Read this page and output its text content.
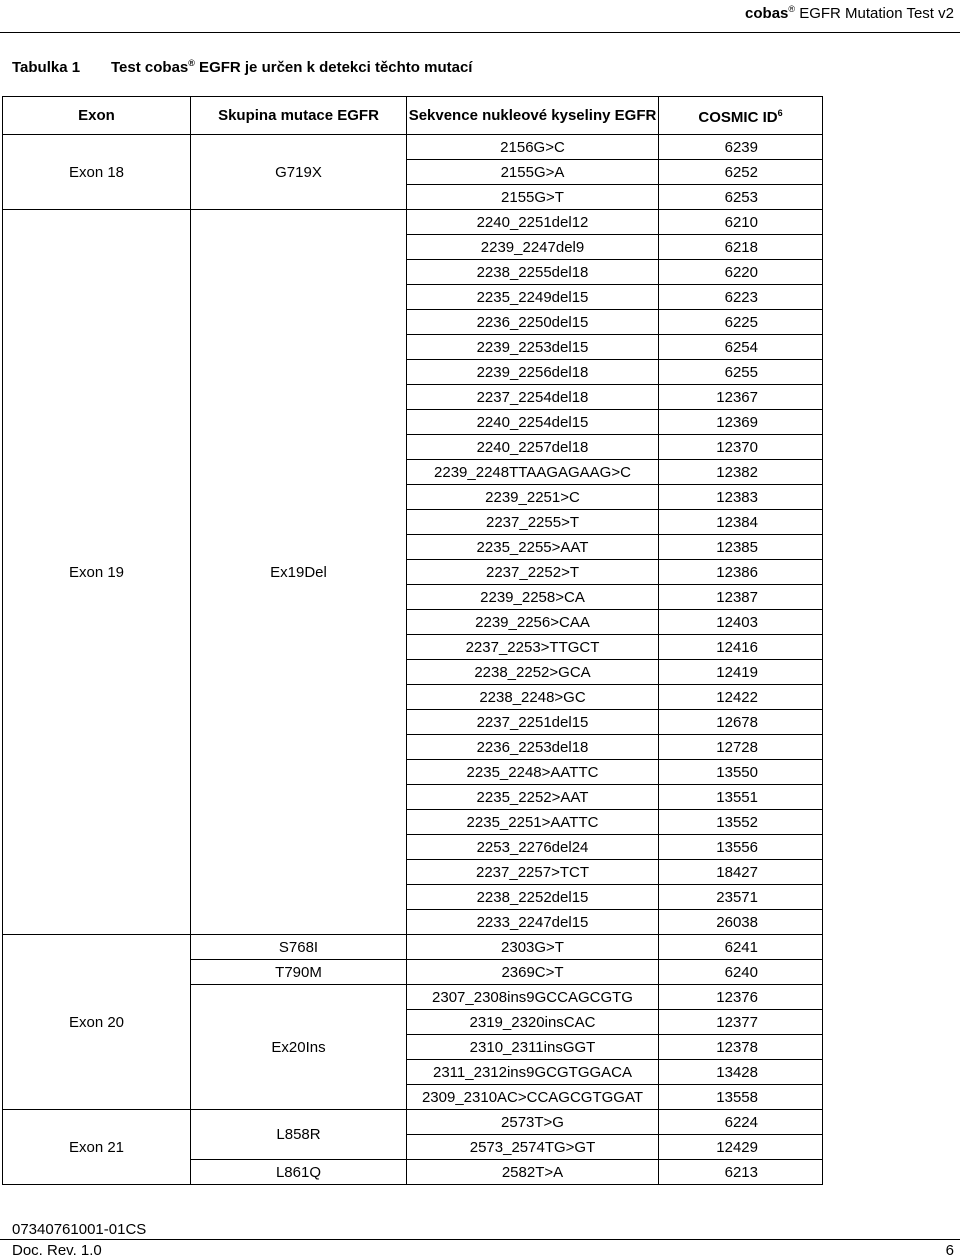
cobas® EGFR Mutation Test v2
Tabulka 1 Test cobas® EGFR je určen k detekci těchto mutací
Exon	Skupina mutace EGFR	Sekvence nukleové kyseliny EGFR	COSMIC $ID^6$
Exon 18	G719X	2156G>C	6239
		2155G>A	6252
		2155G>T	6253
Exon 19	Ex19Del	2240_2251del12	6210
		2239_2247del9	6218
		2238_2255del18	6220
		2235_2249del15	6223
		2236_2250del15	6225
		2239_2253del15	6254
		2239_2256del18	6255
		2237_2254del18	12367
		2240_2254del15	12369
		2240_2257del18	12370
		2239_2248TTAAGAGAAG>C	12382
		2239_2251>C	12383
		2237_2255>T	12384
		2235_2255>AAT	12385
		2237_2252>T	12386
		2239_2258>CA	12387
		2239_2256>CAA	12403
		2237_2253>TTGCT	12416
		2238_2252>GCA	12419
		2238_2248>GC	12422
		2237_2251del15	12678
		2236_2253del18	12728
		2235_2248>AATTC	13550
		2235_2252>AAT	13551
		2235_2251>AATTC	13552
		2253_2276del24	13556
		2237_2257>TCT	18427
		2238_2252del15	23571
		2233_2247del15	26038
Exon 20	S768I	2303G>T	6241
	T790M	2369C>T	6240
	Ex20Ins	2307_2308ins9GCCAGCGTG	12376
		2319_2320insCAC	12377
		2310_2311insGGT	12378
		2311_2312ins9GCGTGGACA	13428
		2309_2310AC>CCAGCGTGGAT	13558
Exon 21	L858R	2573T>G	6224
		2573_2574TG>GT	12429
	L861Q	2582T>A	6213
07340761001-01CS
Doc. Rev. 1.0	6
